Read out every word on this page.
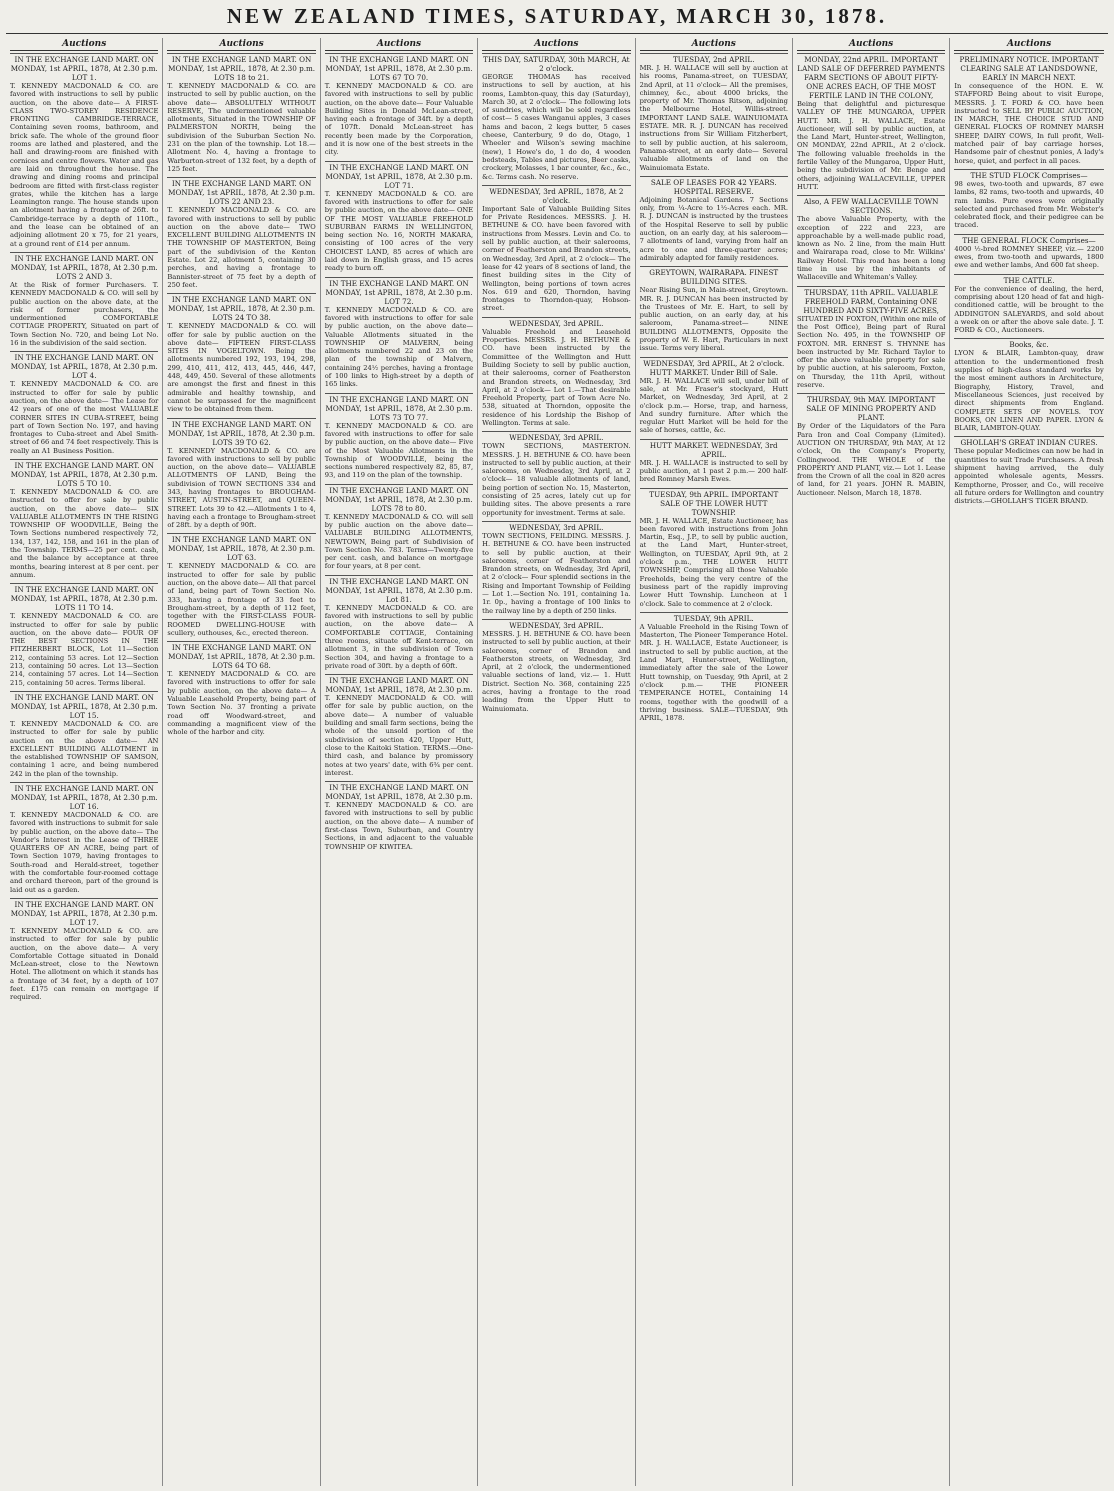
NEW ZEALAND TIMES, SATURDAY, MARCH 30, 1878.
Auctions
IN THE EXCHANGE LAND MART. ON MONDAY, 1st APRIL, 1878, At 2.30 p.m. LOT 1.
T. KENNEDY MACDONALD & CO. are favored with instructions to sell by public auction, on the above date— A FIRST-CLASS TWO-STOREY RESIDENCE FRONTING CAMBRIDGE-TERRACE, Containing seven rooms, bathroom, and brick safe. The whole of the ground floor rooms are lathed and plastered, and the hall and drawing-room are finished with cornices and centre flowers. Water and gas are laid on throughout the house. The drawing and dining rooms and principal bedroom are fitted with first-class register grates, while the kitchen has a large Leamington range. The house stands upon an allotment having a frontage of 26ft. to Cambridge-terrace by a depth of 110ft., and the lease can be obtained of an adjoining allotment 20 x 75, for 21 years, at a ground rent of £14 per annum.
IN THE EXCHANGE LAND MART. ON MONDAY, 1st APRIL, 1878, At 2.30 p.m. LOTS 2 AND 3.
At the Risk of former Purchasers. T. KENNEDY MACDONALD & CO. will sell by public auction on the above date, at the risk of former purchasers, the undermentioned COMFORTABLE COTTAGE PROPERTY, Situated on part of Town Section No. 720, and being Lot No. 16 in the subdivision of the said section.
IN THE EXCHANGE LAND MART. ON MONDAY, 1st APRIL, 1878, At 2.30 p.m. LOT 4.
T. KENNEDY MACDONALD & CO. are instructed to offer for sale by public auction, on the above date— The Lease for 42 years of one of the most VALUABLE CORNER SITES IN CUBA-STREET, being part of Town Section No. 197, and having frontages to Cuba-street and Abel Smith-street of 66 and 74 feet respectively. This is really an A1 Business Position.
IN THE EXCHANGE LAND MART. ON MONDAY, 1st APRIL, 1878, At 2.30 p.m. LOTS 5 TO 10.
T. KENNEDY MACDONALD & CO. are instructed to offer for sale by public auction, on the above date— SIX VALUABLE ALLOTMENTS IN THE RISING TOWNSHIP OF WOODVILLE, Being the Town Sections numbered respectively 72, 134, 137, 142, 158, and 161 in the plan of the Township. TERMS—25 per cent. cash, and the balance by acceptance at three months, bearing interest at 8 per cent. per annum.
IN THE EXCHANGE LAND MART. ON MONDAY, 1st APRIL, 1878, At 2.30 p.m. LOTS 11 TO 14.
T. KENNEDY MACDONALD & CO. are instructed to offer for sale by public auction, on the above date— FOUR OF THE BEST SECTIONS IN THE FITZHERBERT BLOCK, Lot 11—Section 212, containing 53 acres. Lot 12—Section 213, containing 50 acres. Lot 13—Section 214, containing 57 acres. Lot 14—Section 215, containing 50 acres. Terms liberal.
IN THE EXCHANGE LAND MART. ON MONDAY, 1st APRIL, 1878, At 2.30 p.m. LOT 15.
T. KENNEDY MACDONALD & CO. are instructed to offer for sale by public auction on the above date— AN EXCELLENT BUILDING ALLOTMENT in the established TOWNSHIP OF SAMSON, containing 1 acre, and being numbered 242 in the plan of the township.
IN THE EXCHANGE LAND MART. ON MONDAY, 1st APRIL, 1878, At 2.30 p.m. LOT 16.
T. KENNEDY MACDONALD & CO. are favored with instructions to submit for sale by public auction, on the above date— The Vendor's Interest in the Lease of THREE QUARTERS OF AN ACRE, being part of Town Section 1079, having frontages to South-road and Herald-street, together with the comfortable four-roomed cottage and orchard thereon, part of the ground is laid out as a garden.
IN THE EXCHANGE LAND MART. ON MONDAY, 1st APRIL, 1878, At 2.30 p.m. LOT 17.
T. KENNEDY MACDONALD & CO. are instructed to offer for sale by public auction, on the above date— A very Comfortable Cottage situated in Donald McLean-street, close to the Newtown Hotel. The allotment on which it stands has a frontage of 34 feet, by a depth of 107 feet. £175 can remain on mortgage if required.
Auctions
IN THE EXCHANGE LAND MART. ON MONDAY, 1st APRIL, 1878, At 2.30 p.m. LOTS 18 to 21.
T. KENNEDY MACDONALD & CO. are instructed to sell by public auction, on the above date— ABSOLUTELY WITHOUT RESERVE, The undermentioned valuable allotments, Situated in the TOWNSHIP OF PALMERSTON NORTH, being the subdivision of the Suburban Section No. 231 on the plan of the township. Lot 18.—Allotment No. 4, having a frontage to Warburton-street of 132 feet, by a depth of 125 feet.
IN THE EXCHANGE LAND MART. ON MONDAY, 1st APRIL, 1878, At 2.30 p.m. LOTS 22 AND 23.
T. KENNEDY MACDONALD & CO. are favored with instructions to sell by public auction on the above date— TWO EXCELLENT BUILDING ALLOTMENTS IN THE TOWNSHIP OF MASTERTON, Being part of the subdivision of the Kenton Estate. Lot 22, allotment 5, containing 30 perches, and having a frontage to Bannister-street of 75 feet by a depth of 250 feet.
IN THE EXCHANGE LAND MART. ON MONDAY, 1st APRIL, 1878, At 2.30 p.m. LOTS 24 TO 38.
T. KENNEDY MACDONALD & CO. will offer for sale by public auction on the above date— FIFTEEN FIRST-CLASS SITES IN VOGELTOWN. Being the allotments numbered 192, 193, 194, 298, 299, 410, 411, 412, 413, 445, 446, 447, 448, 449, 450. Several of these allotments are amongst the first and finest in this admirable and healthy township, and cannot be surpassed for the magnificent view to be obtained from them.
IN THE EXCHANGE LAND MART. ON MONDAY, 1st APRIL, 1878, At 2.30 p.m. LOTS 39 TO 62.
T. KENNEDY MACDONALD & CO. are favored with instructions to sell by public auction, on the above date— VALUABLE ALLOTMENTS OF LAND, Being the subdivision of TOWN SECTIONS 334 and 343, having frontages to BROUGHAM-STREET, AUSTIN-STREET, and QUEEN-STREET. Lots 39 to 42.—Allotments 1 to 4, having each a frontage to Brougham-street of 28ft. by a depth of 90ft.
IN THE EXCHANGE LAND MART. ON MONDAY, 1st APRIL, 1878, At 2.30 p.m. LOT 63.
T. KENNEDY MACDONALD & CO. are instructed to offer for sale by public auction, on the above date— All that parcel of land, being part of Town Section No. 333, having a frontage of 33 feet to Brougham-street, by a depth of 112 feet, together with the FIRST-CLASS FOUR-ROOMED DWELLING-HOUSE with scullery, outhouses, &c., erected thereon.
IN THE EXCHANGE LAND MART. ON MONDAY, 1st APRIL, 1878, At 2.30 p.m. LOTS 64 TO 68.
T. KENNEDY MACDONALD & CO. are favored with instructions to offer for sale by public auction, on the above date— A Valuable Leasehold Property, being part of Town Section No. 37 fronting a private road off Woodward-street, and commanding a magnificent view of the whole of the harbor and city.
Auctions
IN THE EXCHANGE LAND MART. ON MONDAY, 1st APRIL, 1878, At 2.30 p.m. LOTS 67 TO 70.
T. KENNEDY MACDONALD & CO. are favored with instructions to sell by public auction, on the above date— Four Valuable Building Sites in Donald McLean-street, having each a frontage of 34ft. by a depth of 107ft. Donald McLean-street has recently been made by the Corporation, and it is now one of the best streets in the city.
IN THE EXCHANGE LAND MART. ON MONDAY, 1st APRIL, 1878, At 2.30 p.m. LOT 71.
T. KENNEDY MACDONALD & CO. are favored with instructions to offer for sale by public auction, on the above date— ONE OF THE MOST VALUABLE FREEHOLD SUBURBAN FARMS IN WELLINGTON, being section No. 16, NORTH MAKARA, consisting of 100 acres of the very CHOICEST LAND, 85 acres of which are laid down in English grass, and 15 acres ready to burn off.
IN THE EXCHANGE LAND MART. ON MONDAY, 1st APRIL, 1878, At 2.30 p.m. LOT 72.
T. KENNEDY MACDONALD & CO. are favored with instructions to offer for sale by public auction, on the above date— Valuable Allotments situated in the TOWNSHIP OF MALVERN, being allotments numbered 22 and 23 on the plan of the township of Malvern, containing 24½ perches, having a frontage of 100 links to High-street by a depth of 165 links.
IN THE EXCHANGE LAND MART. ON MONDAY, 1st APRIL, 1878, At 2.30 p.m. LOTS 73 TO 77.
T. KENNEDY MACDONALD & CO. are favored with instructions to offer for sale by public auction, on the above date— Five of the Most Valuable Allotments in the Township of WOODVILLE, being the sections numbered respectively 82, 85, 87, 93, and 119 on the plan of the township.
IN THE EXCHANGE LAND MART. ON MONDAY, 1st APRIL, 1878, At 2.30 p.m. LOTS 78 to 80.
T. KENNEDY MACDONALD & CO. will sell by public auction on the above date— VALUABLE BUILDING ALLOTMENTS, NEWTOWN, Being part of Subdivision of Town Section No. 783. Terms—Twenty-five per cent. cash, and balance on mortgage for four years, at 8 per cent.
IN THE EXCHANGE LAND MART. ON MONDAY, 1st APRIL, 1878, At 2.30 p.m. Lot 81.
T. KENNEDY MACDONALD & CO. are favored with instructions to sell by public auction, on the above date— A COMFORTABLE COTTAGE, Containing three rooms, situate off Kent-terrace, on allotment 3, in the subdivision of Town Section 304, and having a frontage to a private road of 30ft. by a depth of 60ft.
IN THE EXCHANGE LAND MART. ON MONDAY, 1st APRIL, 1878, At 2.30 p.m.
T. KENNEDY MACDONALD & CO. will offer for sale by public auction, on the above date— A number of valuable building and small farm sections, being the whole of the unsold portion of the subdivision of section 420, Upper Hutt, close to the Kaitoki Station. TERMS.—One-third cash, and balance by promissory notes at two years' date, with 6¾ per cent. interest.
IN THE EXCHANGE LAND MART. ON MONDAY, 1st APRIL, 1878, At 2.30 p.m.
T. KENNEDY MACDONALD & CO. are favored with instructions to sell by public auction, on the above date— A number of first-class Town, Suburban, and Country Sections, in and adjacent to the valuable TOWNSHIP OF KIWITEA.
Auctions
THIS DAY, SATURDAY, 30th MARCH, At 2 o'clock.
GEORGE THOMAS has received instructions to sell by auction, at his rooms, Lambton-quay, this day (Saturday), March 30, at 2 o'clock— The following lots of sundries, which will be sold regardless of cost— 5 cases Wanganui apples, 3 cases hams and bacon, 2 kegs butter, 5 cases cheese, Canterbury, 9 do do, Otago, 1 Wheeler and Wilson's sewing machine (new), 1 Howe's do, 1 do do, 4 wooden bedsteads, Tables and pictures, Beer casks, crockery, Molasses, 1 bar counter, &c., &c., &c. Terms cash. No reserve.
WEDNESDAY, 3rd APRIL, 1878, At 2 o'clock.
Important Sale of Valuable Building Sites for Private Residences. MESSRS. J. H. BETHUNE & CO. have been favored with instructions from Messrs. Levin and Co. to sell by public auction, at their salerooms, corner of Featherston and Brandon streets, on Wednesday, 3rd April, at 2 o'clock— The lease for 42 years of 8 sections of land, the finest building sites in the City of Wellington, being portions of town acres Nos. 619 and 620, Thorndon, having frontages to Thorndon-quay, Hobson-street.
WEDNESDAY, 3rd APRIL.
Valuable Freehold and Leasehold Properties. MESSRS. J. H. BETHUNE & CO. have been instructed by the Committee of the Wellington and Hutt Building Society to sell by public auction, at their salerooms, corner of Featherston and Brandon streets, on Wednesday, 3rd April, at 2 o'clock— Lot 1.—That desirable Freehold Property, part of Town Acre No. 538, situated at Thorndon, opposite the residence of his Lordship the Bishop of Wellington. Terms at sale.
WEDNESDAY, 3rd APRIL.
TOWN SECTIONS, MASTERTON. MESSRS. J. H. BETHUNE & CO. have been instructed to sell by public auction, at their salerooms, on Wednesday, 3rd April, at 2 o'clock— 18 valuable allotments of land, being portion of section No. 15, Masterton, consisting of 25 acres, lately cut up for building sites. The above presents a rare opportunity for investment. Terms at sale.
WEDNESDAY, 3rd APRIL.
TOWN SECTIONS, FEILDING. MESSRS. J. H. BETHUNE & CO. have been instructed to sell by public auction, at their salerooms, corner of Featherston and Brandon streets, on Wednesday, 3rd April, at 2 o'clock— Four splendid sections in the Rising and Important Township of Feilding— Lot 1.—Section No. 191, containing 1a. 1r. 0p., having a frontage of 100 links to the railway line by a depth of 250 links.
WEDNESDAY, 3rd APRIL.
MESSRS. J. H. BETHUNE & CO. have been instructed to sell by public auction, at their salerooms, corner of Brandon and Featherston streets, on Wednesday, 3rd April, at 2 o'clock, the undermentioned valuable sections of land, viz.— 1. Hutt District. Section No. 368, containing 225 acres, having a frontage to the road leading from the Upper Hutt to Wainuiomata.
Auctions
TUESDAY, 2nd APRIL.
MR. J. H. WALLACE will sell by auction at his rooms, Panama-street, on TUESDAY, 2nd April, at 11 o'clock— All the premises, chimney, &c., about 4000 bricks, the property of Mr. Thomas Ritson, adjoining the Melbourne Hotel, Willis-street. IMPORTANT LAND SALE. WAINUIOMATA ESTATE. MR. R. J. DUNCAN has received instructions from Sir William Fitzherbert, to sell by public auction, at his saleroom, Panama-street, at an early date— Several valuable allotments of land on the Wainuiomata Estate.
SALE OF LEASES FOR 42 YEARS. HOSPITAL RESERVE.
Adjoining Botanical Gardens. 7 Sections only, from ¼-Acre to 1½-Acres each. MR. R. J. DUNCAN is instructed by the trustees of the Hospital Reserve to sell by public auction, on an early day, at his saleroom— 7 allotments of land, varying from half an acre to one and three-quarter acres; admirably adapted for family residences.
GREYTOWN, WAIRARAPA. FINEST BUILDING SITES.
Near Rising Sun, in Main-street, Greytown. MR. R. J. DUNCAN has been instructed by the Trustees of Mr. E. Hart, to sell by public auction, on an early day, at his saleroom, Panama-street— NINE BUILDING ALLOTMENTS, Opposite the property of W. E. Hart, Particulars in next issue. Terms very liberal.
WEDNESDAY, 3rd APRIL, At 2 o'clock. HUTT MARKET. Under Bill of Sale.
MR. J. H. WALLACE will sell, under bill of sale, at Mr. Fraser's stockyard, Hutt Market, on Wednesday, 3rd April, at 2 o'clock p.m.— Horse, trap, and harness, And sundry furniture. After which the regular Hutt Market will be held for the sale of horses, cattle, &c.
HUTT MARKET. WEDNESDAY, 3rd APRIL.
MR. J. H. WALLACE is instructed to sell by public auction, at 1 past 2 p.m.— 200 half-bred Romney Marsh Ewes.
TUESDAY, 9th APRIL. IMPORTANT SALE OF THE LOWER HUTT TOWNSHIP.
MR. J. H. WALLACE, Estate Auctioneer, has been favored with instructions from John Martin, Esq., J.P., to sell by public auction, at the Land Mart, Hunter-street, Wellington, on TUESDAY, April 9th, at 2 o'clock p.m., THE LOWER HUTT TOWNSHIP, Comprising all those Valuable Freeholds, being the very centre of the business part of the rapidly improving Lower Hutt Township. Luncheon at 1 o'clock. Sale to commence at 2 o'clock.
TUESDAY, 9th APRIL.
A Valuable Freehold in the Rising Town of Masterton, The Pioneer Temperance Hotel. MR. J. H. WALLACE, Estate Auctioneer, is instructed to sell by public auction, at the Land Mart, Hunter-street, Wellington, immediately after the sale of the Lower Hutt township, on Tuesday, 9th April, at 2 o'clock p.m.— THE PIONEER TEMPERANCE HOTEL, Containing 14 rooms, together with the goodwill of a thriving business. SALE—TUESDAY, 9th APRIL, 1878.
Auctions
MONDAY, 22nd APRIL. IMPORTANT LAND SALE OF DEFERRED PAYMENTS FARM SECTIONS OF ABOUT FIFTY-ONE ACRES EACH, OF THE MOST FERTILE LAND IN THE COLONY,
Being that delightful and picturesque VALLEY OF THE MUNGAROA, UPPER HUTT. MR. J. H. WALLACE, Estate Auctioneer, will sell by public auction, at the Land Mart, Hunter-street, Wellington, ON MONDAY, 22nd APRIL, At 2 o'clock. The following valuable freeholds in the fertile Valley of the Mungaroa, Upper Hutt, being the subdivision of Mr. Benge and others, adjoining WALLACEVILLE, UPPER HUTT.
Also, A FEW WALLACEVILLE TOWN SECTIONS.
The above Valuable Property, with the exception of 222 and 223, are approachable by a well-made public road, known as No. 2 line, from the main Hutt and Wairarapa road, close to Mr. Wilkins' Railway Hotel. This road has been a long time in use by the inhabitants of Wallaceville and Whiteman's Valley.
THURSDAY, 11th APRIL. VALUABLE FREEHOLD FARM, Containing ONE HUNDRED AND SIXTY-FIVE ACRES,
SITUATED IN FOXTON, (Within one mile of the Post Office), Being part of Rural Section No. 495, in the TOWNSHIP OF FOXTON. MR. ERNEST S. THYNNE has been instructed by Mr. Richard Taylor to offer the above valuable property for sale by public auction, at his saleroom, Foxton, on Thursday, the 11th April, without reserve.
THURSDAY, 9th MAY. IMPORTANT SALE OF MINING PROPERTY AND PLANT.
By Order of the Liquidators of the Para Para Iron and Coal Company (Limited). AUCTION ON THURSDAY, 9th MAY, At 12 o'clock, On the Company's Property, Collingwood. THE WHOLE of the PROPERTY AND PLANT, viz.— Lot 1. Lease from the Crown of all the coal in 820 acres of land, for 21 years. JOHN R. MABIN, Auctioneer. Nelson, March 18, 1878.
Auctions
PRELIMINARY NOTICE. IMPORTANT CLEARING SALE AT LANDSDOWNE, EARLY IN MARCH NEXT.
In consequence of the HON. E. W. STAFFORD Being about to visit Europe, MESSRS. J. T. FORD & CO. have been instructed to SELL BY PUBLIC AUCTION, IN MARCH, THE CHOICE STUD AND GENERAL FLOCKS OF ROMNEY MARSH SHEEP, DAIRY COWS, In full profit, Well-matched pair of bay carriage horses, Handsome pair of chestnut ponies, A lady's horse, quiet, and perfect in all paces.
THE STUD FLOCK Comprises—
98 ewes, two-tooth and upwards, 87 ewe lambs, 82 rams, two-tooth and upwards, 40 ram lambs. Pure ewes were originally selected and purchased from Mr. Webster's celebrated flock, and their pedigree can be traced.
THE GENERAL FLOCK Comprises—
4000 ½-bred ROMNEY SHEEP, viz.— 2200 ewes, from two-tooth and upwards, 1800 ewe and wether lambs, And 600 fat sheep.
THE CATTLE.
For the convenience of dealing, the herd, comprising about 120 head of fat and high-conditioned cattle, will be brought to the ADDINGTON SALEYARDS, and sold about a week on or after the above sale date. J. T. FORD & CO., Auctioneers.
Books, &c.
LYON & BLAIR, Lambton-quay, draw attention to the undermentioned fresh supplies of high-class standard works by the most eminent authors in Architecture, Biography, History, Travel, and Miscellaneous Sciences, just received by direct shipments from England. COMPLETE SETS OF NOVELS. TOY BOOKS, ON LINEN AND PAPER. LYON & BLAIR, LAMBTON-QUAY.
GHOLLAH'S GREAT INDIAN CURES.
These popular Medicines can now be had in quantities to suit Trade Purchasers. A fresh shipment having arrived, the duly appointed wholesale agents, Messrs. Kempthorne, Prosser, and Co., will receive all future orders for Wellington and country districts.—GHOLLAH'S TIGER BRAND.
